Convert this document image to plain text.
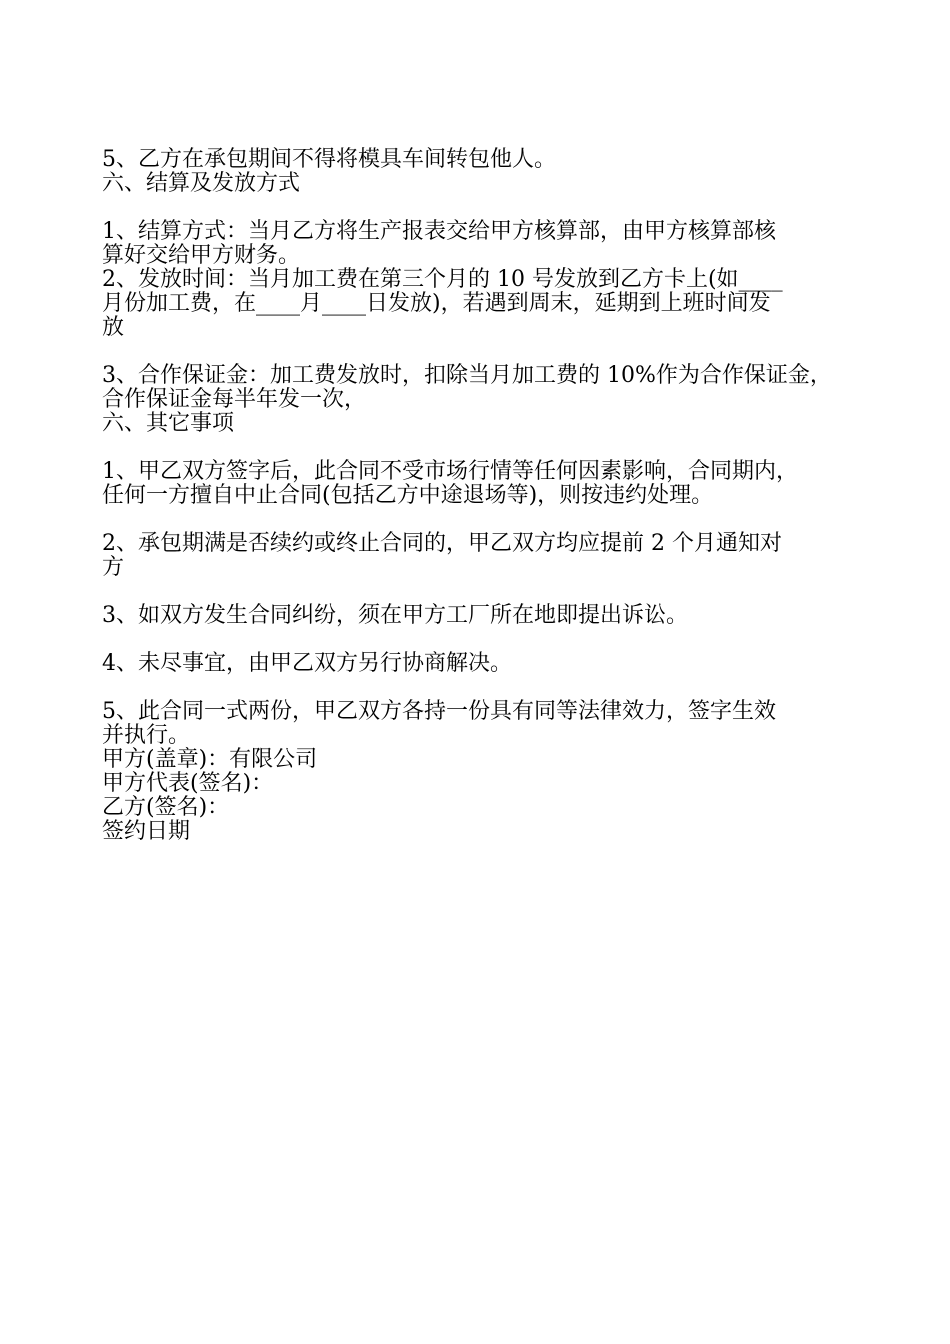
5、乙方在承包期间不得将模具车间转包他人。

六、结算及发放方式

1、结算方式：当月乙方将生产报表交给甲方核算部，由甲方核算部核

算好交给甲方财务。

2、发放时间：当月加工费在第三个月的 10 号发放到乙方卡上(如____

月份加工费，在____月____日发放)，若遇到周末，延期到上班时间发

放

3、合作保证金：加工费发放时，扣除当月加工费的 10%作为合作保证金，

合作保证金每半年发一次，

六、其它事项

1、甲乙双方签字后，此合同不受市场行情等任何因素影响，合同期内，

任何一方擅自中止合同(包括乙方中途退场等)，则按违约处理。

2、承包期满是否续约或终止合同的，甲乙双方均应提前 2 个月通知对

方

3、如双方发生合同纠纷，须在甲方工厂所在地即提出诉讼。

4、未尽事宜，由甲乙双方另行协商解决。

5、此合同一式两份，甲乙双方各持一份具有同等法律效力，签字生效

并执行。

甲方(盖章)：有限公司

甲方代表(签名)：

乙方(签名)：

签约日期
